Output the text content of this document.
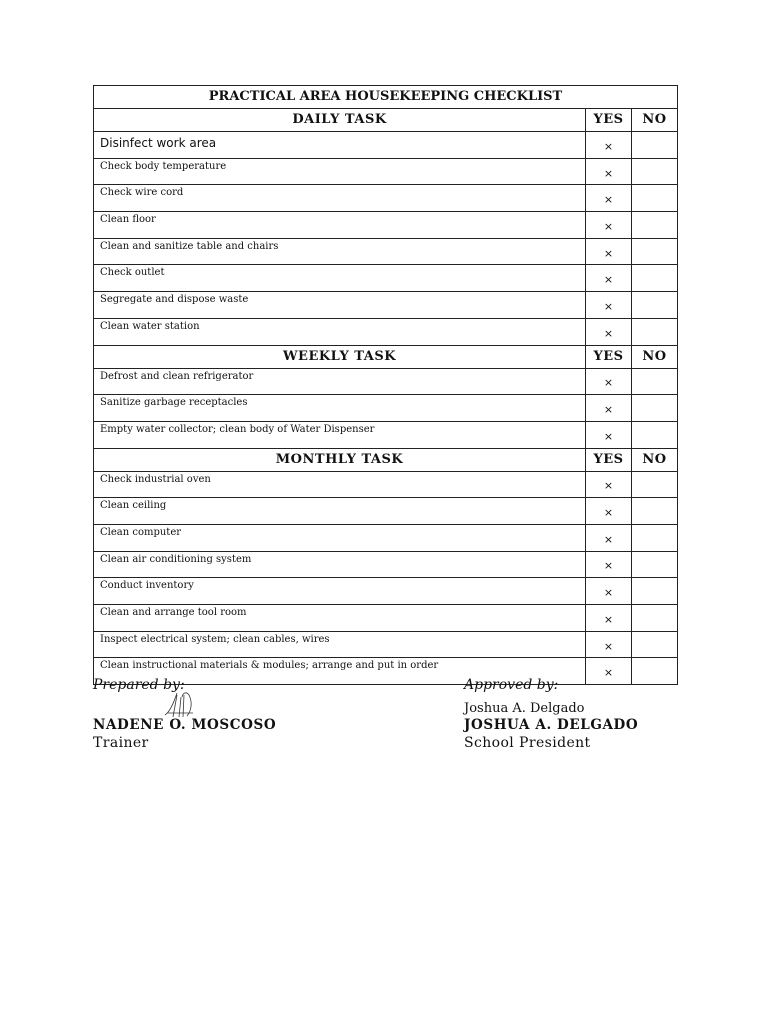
PRACTICAL AREA HOUSEKEEPING CHECKLIST		
DAILY TASK	YES	NO
Disinfect work area	×	
Check body temperature	×	
Check wire cord	×	
Clean floor	×	
Clean and sanitize table and chairs	×	
Check outlet	×	
Segregate and dispose waste	×	
Clean water station	×	
WEEKLY TASK	YES	NO
Defrost and clean refrigerator	×	
Sanitize garbage receptacles	×	
Empty water collector; clean body of Water Dispenser	×	
MONTHLY TASK	YES	NO
Check industrial oven	×	
Clean ceiling	×	
Clean computer	×	
Clean air conditioning system	×	
Conduct inventory	×	
Clean and arrange tool room	×	
Inspect electrical system; clean cables, wires	×	
Clean instructional materials & modules; arrange and put in order	×	
Prepared by:
NADENE O. MOSCOSO
Trainer
Approved by:
Joshua A. Delgado
JOSHUA A. DELGADO
School President
